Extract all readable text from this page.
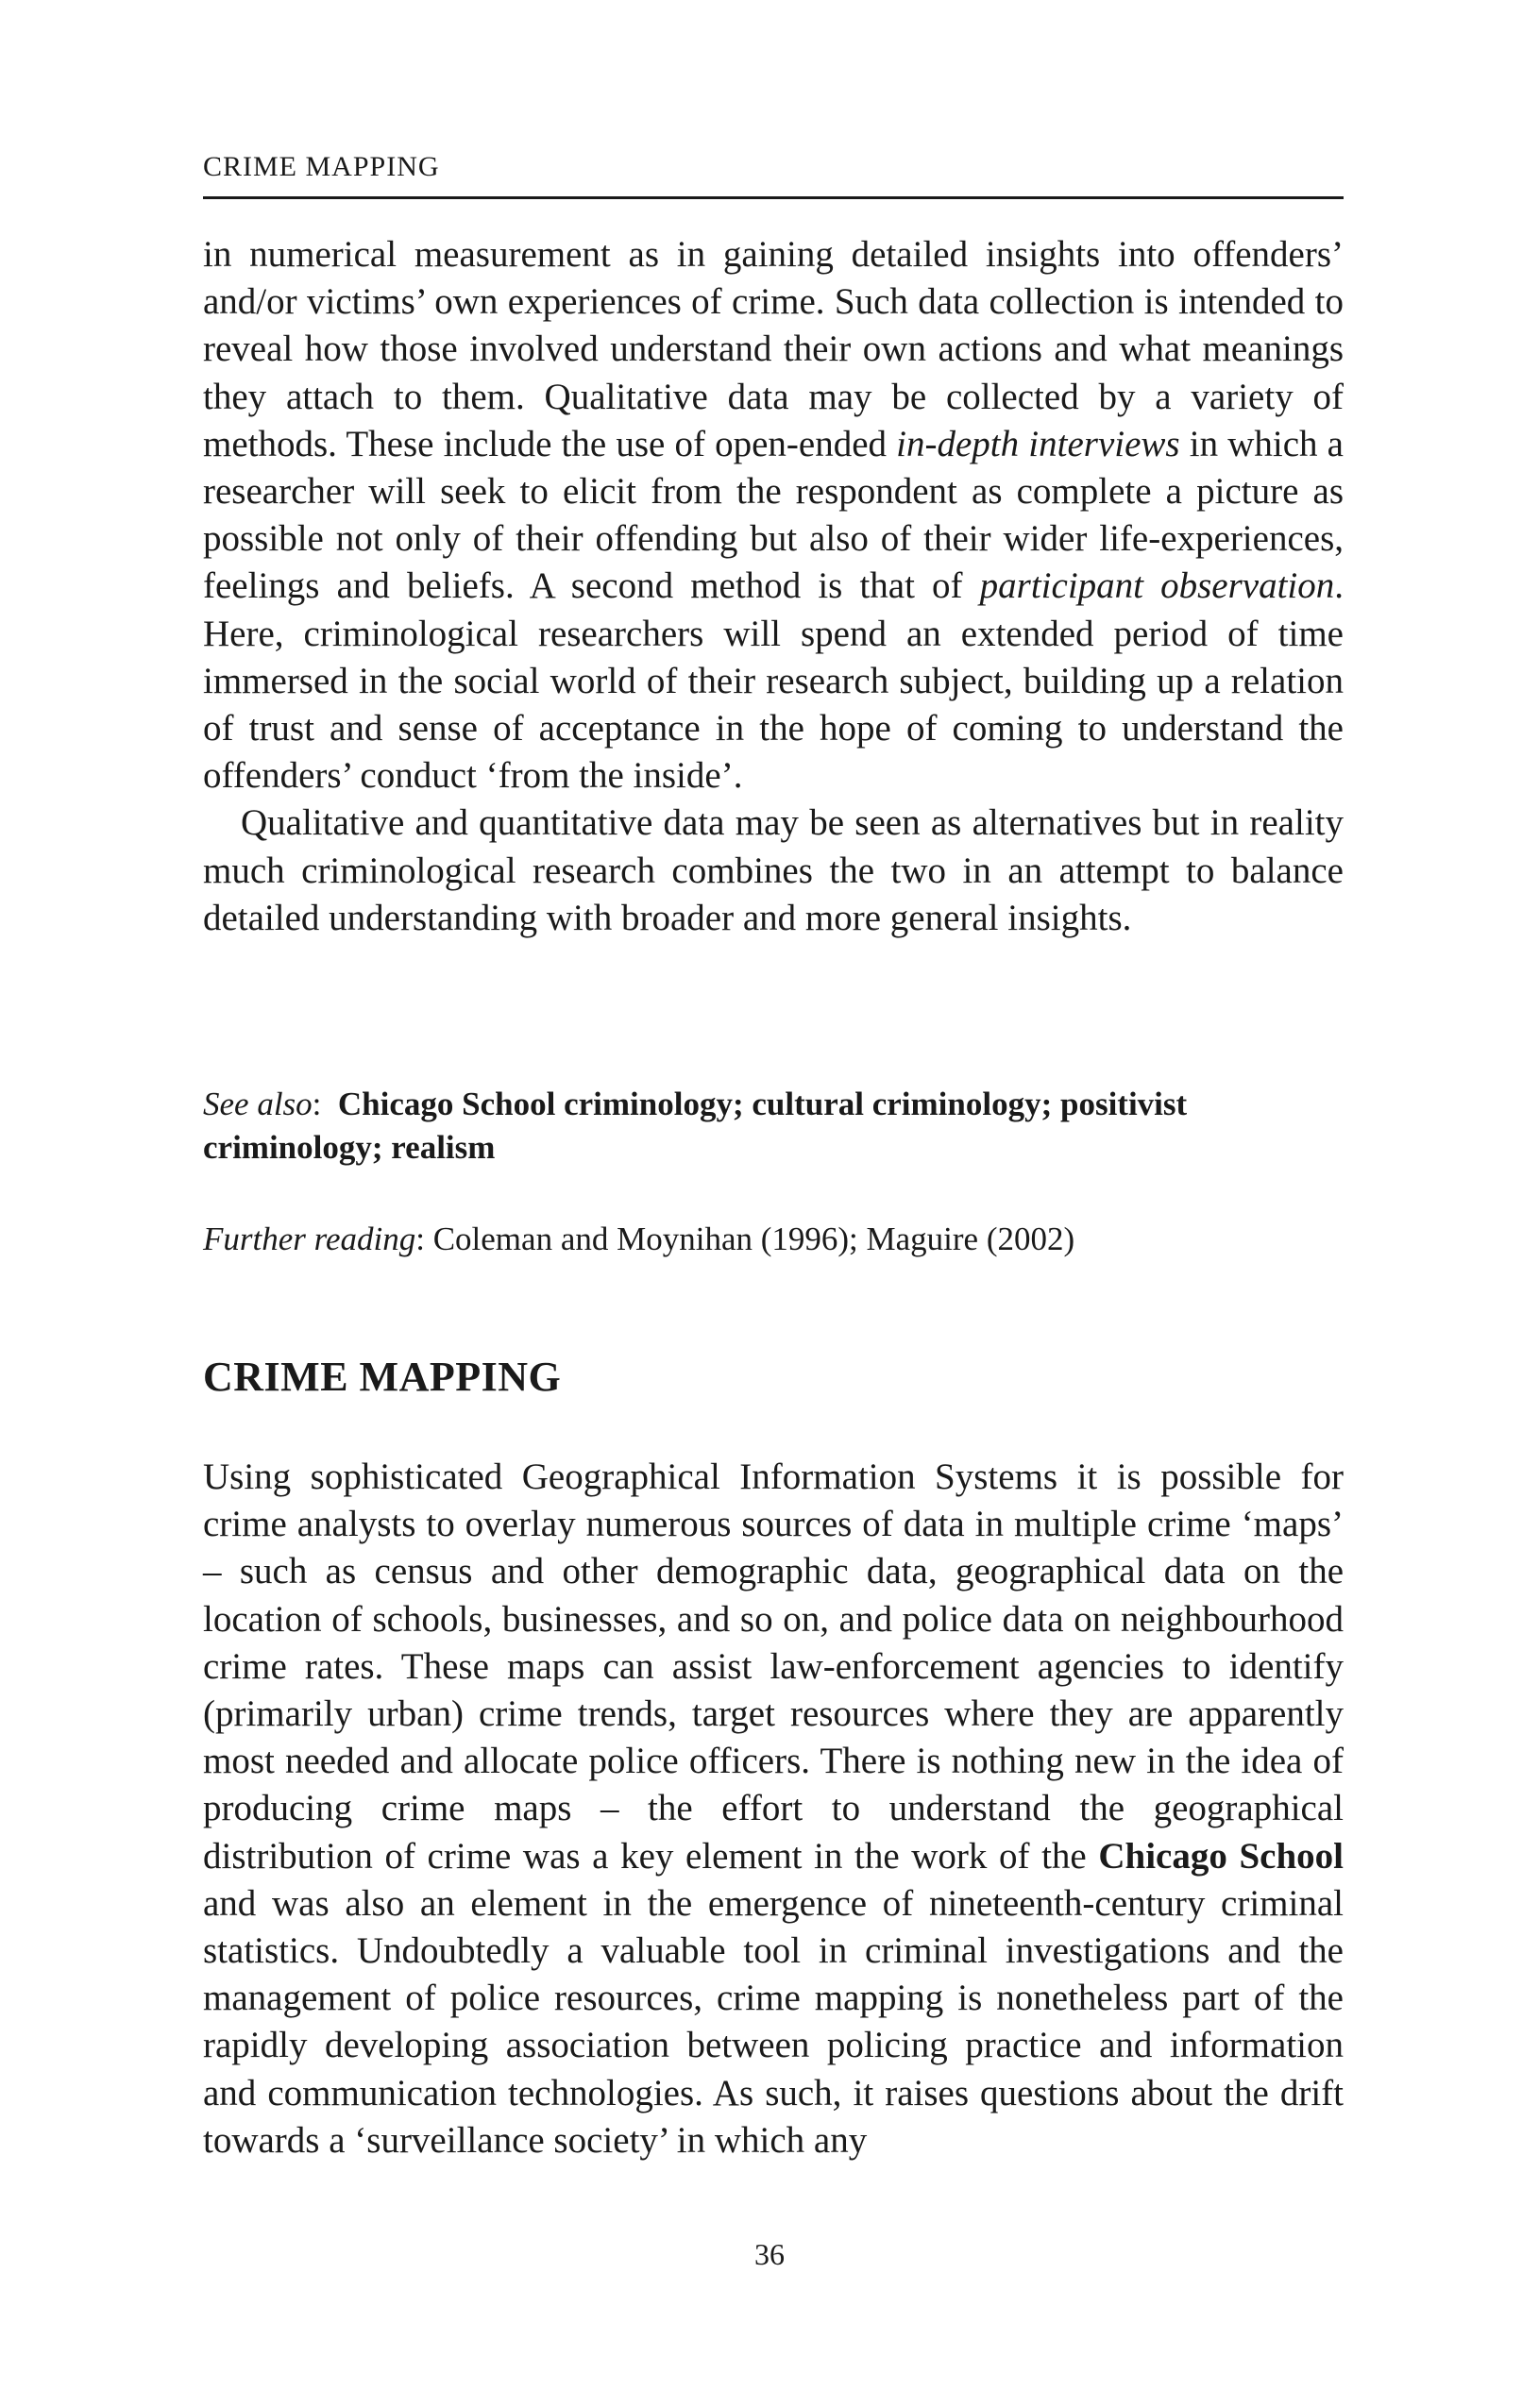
CRIME MAPPING

in numerical measurement as in gaining detailed insights into offenders’ and/or victims’ own experiences of crime. Such data collection is intended to reveal how those involved understand their own actions and what meanings they attach to them. Qualitative data may be collected by a variety of methods. These include the use of open-ended in-depth interviews in which a researcher will seek to elicit from the respondent as complete a picture as possible not only of their offending but also of their wider life-experiences, feelings and beliefs. A second method is that of participant observation. Here, criminological researchers will spend an extended period of time immersed in the social world of their research subject, building up a relation of trust and sense of acceptance in the hope of coming to understand the offenders’ conduct ‘from the inside’.

Qualitative and quantitative data may be seen as alternatives but in reality much criminological research combines the two in an attempt to balance detailed understanding with broader and more general insights.

See also:  Chicago School criminology; cultural criminology; positivist criminology; realism

Further reading: Coleman and Moynihan (1996); Maguire (2002)

CRIME MAPPING

Using sophisticated Geographical Information Systems it is possible for crime analysts to overlay numerous sources of data in multiple crime ‘maps’ – such as census and other demographic data, geographical data on the location of schools, businesses, and so on, and police data on neighbourhood crime rates. These maps can assist law-enforcement agencies to identify (primarily urban) crime trends, target resources where they are apparently most needed and allocate police officers. There is nothing new in the idea of producing crime maps – the effort to understand the geographical distribution of crime was a key element in the work of the Chicago School and was also an element in the emergence of nineteenth-century criminal statistics. Undoubtedly a valuable tool in criminal investigations and the management of police resources, crime mapping is nonetheless part of the rapidly developing association between policing practice and information and communication technologies. As such, it raises questions about the drift towards a ‘surveillance society’ in which any

36
